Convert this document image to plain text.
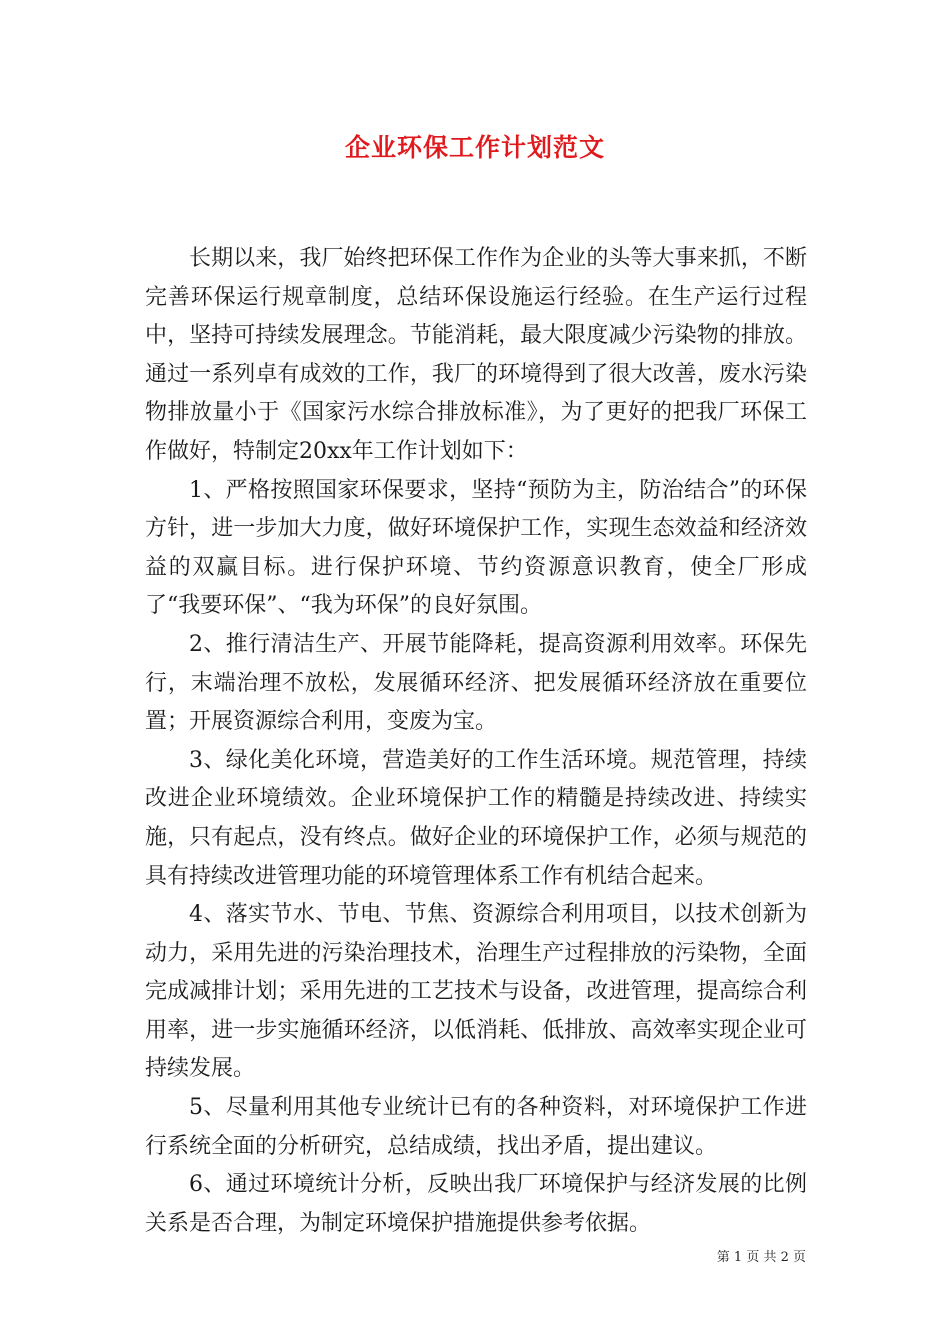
企业环保工作计划范文

长期以来，我厂始终把环保工作作为企业的头等大事来抓，不断完善环保运行规章制度，总结环保设施运行经验。在生产运行过程中，坚持可持续发展理念。节能消耗，最大限度减少污染物的排放。通过一系列卓有成效的工作，我厂的环境得到了很大改善，废水污染物排放量小于《国家污水综合排放标准》，为了更好的把我厂环保工作做好，特制定20xx年工作计划如下：

1、严格按照国家环保要求，坚持“预防为主，防治结合”的环保方针，进一步加大力度，做好环境保护工作，实现生态效益和经济效益的双赢目标。进行保护环境、节约资源意识教育，使全厂形成了“我要环保”、“我为环保”的良好氛围。

2、推行清洁生产、开展节能降耗，提高资源利用效率。环保先行，末端治理不放松，发展循环经济、把发展循环经济放在重要位置；开展资源综合利用，变废为宝。

3、绿化美化环境，营造美好的工作生活环境。规范管理，持续改进企业环境绩效。企业环境保护工作的精髓是持续改进、持续实施，只有起点，没有终点。做好企业的环境保护工作，必须与规范的具有持续改进管理功能的环境管理体系工作有机结合起来。

4、落实节水、节电、节焦、资源综合利用项目，以技术创新为动力，采用先进的污染治理技术，治理生产过程排放的污染物，全面完成减排计划；采用先进的工艺技术与设备，改进管理，提高综合利用率，进一步实施循环经济，以低消耗、低排放、高效率实现企业可持续发展。

5、尽量利用其他专业统计已有的各种资料，对环境保护工作进行系统全面的分析研究，总结成绩，找出矛盾，提出建议。

6、通过环境统计分析，反映出我厂环境保护与经济发展的比例关系是否合理，为制定环境保护措施提供参考依据。

第 1 页 共 2 页
